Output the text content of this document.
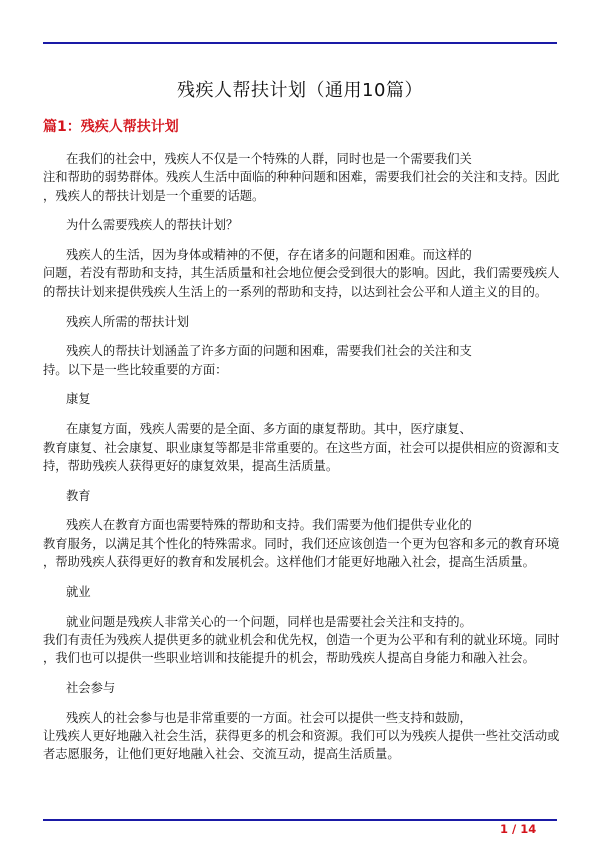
残疾人帮扶计划（通用10篇）
篇1：残疾人帮扶计划
在我们的社会中，残疾人不仅是一个特殊的人群，同时也是一个需要我们关
注和帮助的弱势群体。残疾人生活中面临的种种问题和困难，需要我们社会的关注和支持。因此
，残疾人的帮扶计划是一个重要的话题。
为什么需要残疾人的帮扶计划？
残疾人的生活，因为身体或精神的不便，存在诸多的问题和困难。而这样的
问题，若没有帮助和支持，其生活质量和社会地位便会受到很大的影响。因此，我们需要残疾人
的帮扶计划来提供残疾人生活上的一系列的帮助和支持，以达到社会公平和人道主义的目的。
残疾人所需的帮扶计划
残疾人的帮扶计划涵盖了许多方面的问题和困难，需要我们社会的关注和支
持。以下是一些比较重要的方面：
康复
在康复方面，残疾人需要的是全面、多方面的康复帮助。其中，医疗康复、
教育康复、社会康复、职业康复等都是非常重要的。在这些方面，社会可以提供相应的资源和支
持，帮助残疾人获得更好的康复效果，提高生活质量。
教育
残疾人在教育方面也需要特殊的帮助和支持。我们需要为他们提供专业化的
教育服务，以满足其个性化的特殊需求。同时，我们还应该创造一个更为包容和多元的教育环境
，帮助残疾人获得更好的教育和发展机会。这样他们才能更好地融入社会，提高生活质量。
就业
就业问题是残疾人非常关心的一个问题，同样也是需要社会关注和支持的。
我们有责任为残疾人提供更多的就业机会和优先权，创造一个更为公平和有利的就业环境。同时
，我们也可以提供一些职业培训和技能提升的机会，帮助残疾人提高自身能力和融入社会。
社会参与
残疾人的社会参与也是非常重要的一方面。社会可以提供一些支持和鼓励，
让残疾人更好地融入社会生活，获得更多的机会和资源。我们可以为残疾人提供一些社交活动或
者志愿服务，让他们更好地融入社会、交流互动，提高生活质量。
1 / 14
